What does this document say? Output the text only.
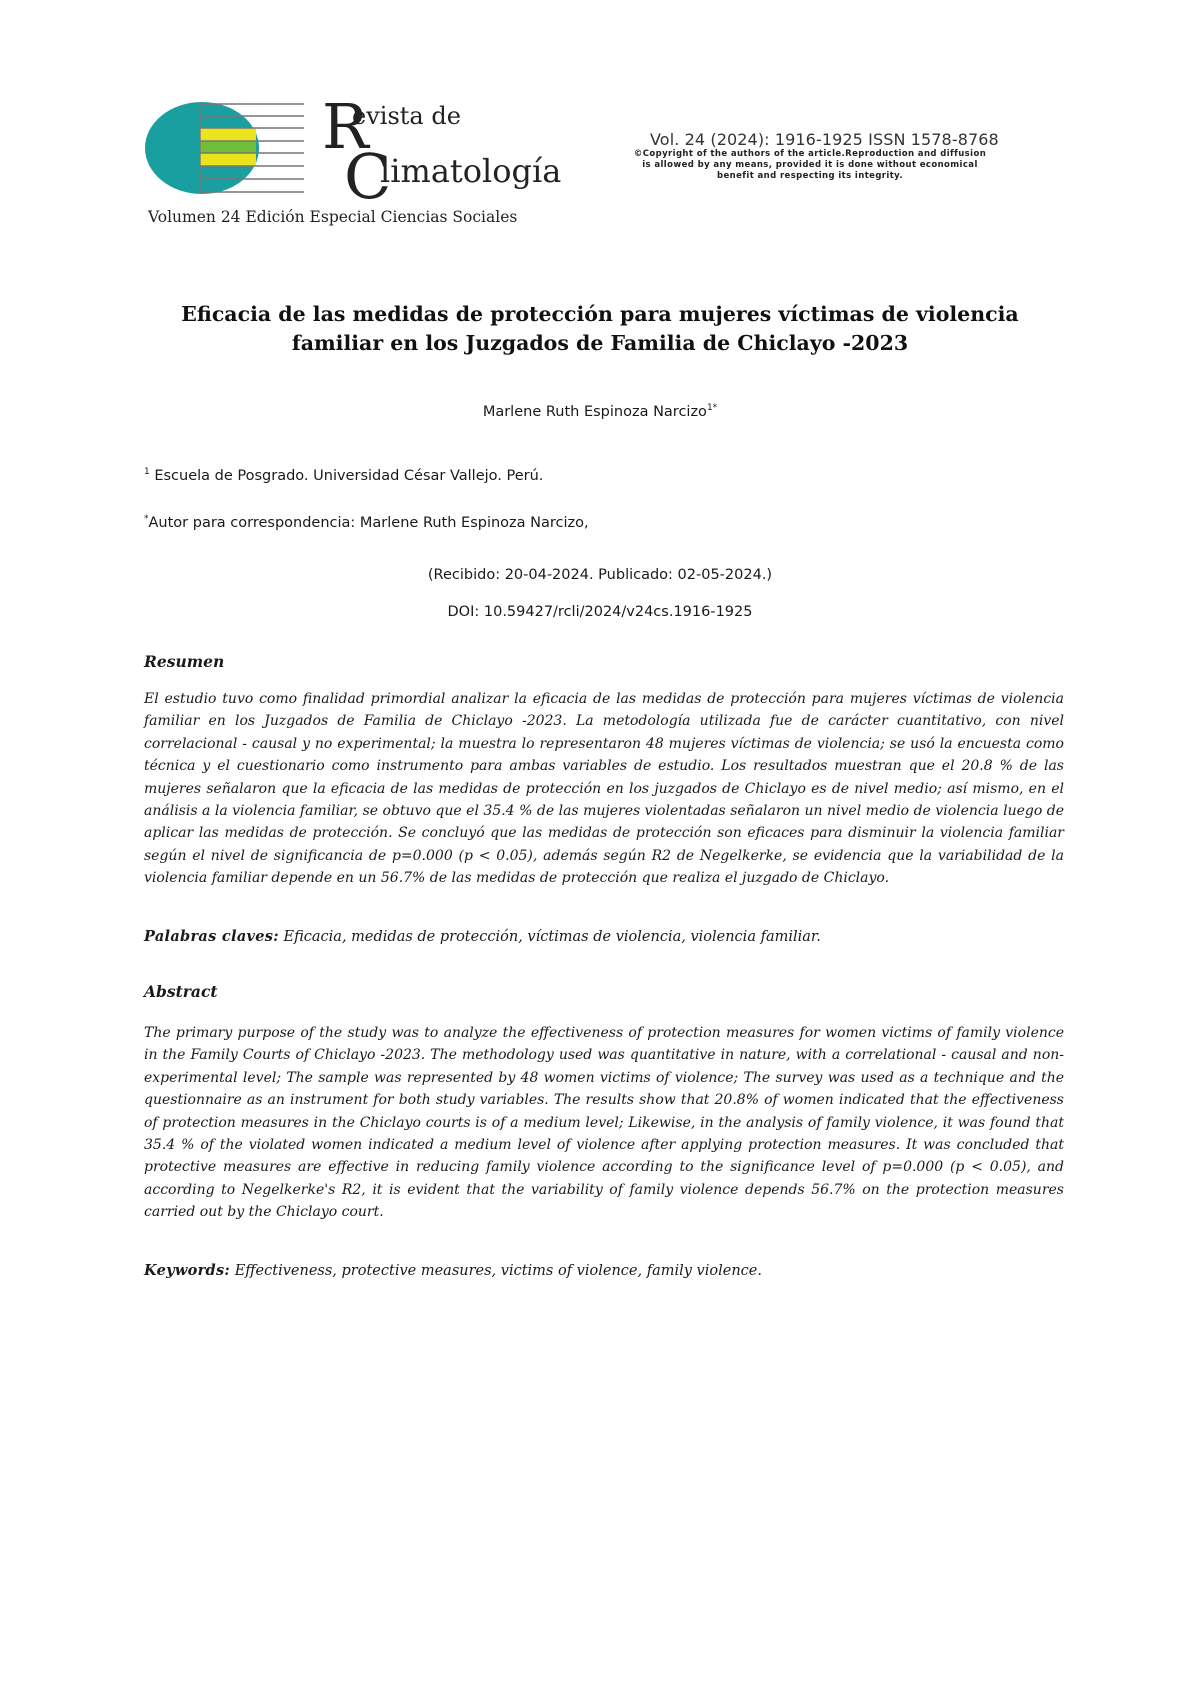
R
evista de
C
limatología
Volumen 24 Edición Especial Ciencias Sociales
Vol. 24 (2024): 1916-1925 ISSN 1578-8768
©Copyright of the authors of the article.Reproduction and diffusion is allowed by any means, provided it is done without economical benefit and respecting its integrity.
Eficacia de las medidas de protección para mujeres víctimas de violencia
familiar en los Juzgados de Familia de Chiclayo -2023
Marlene Ruth Espinoza Narcizo$^{1*}$
$^1$ Escuela de Posgrado. Universidad César Vallejo. Perú.
*Autor para correspondencia: Marlene Ruth Espinoza Narcizo,
(Recibido: 20-04-2024. Publicado: 02-05-2024.)
DOI: 10.59427/rcli/2024/v24cs.1916-1925
Resumen
El estudio tuvo como finalidad primordial analizar la eficacia de las medidas de protección para mujeres víctimas de violencia familiar en los Juzgados de Familia de Chiclayo -2023. La metodología utilizada fue de carácter cuantitativo, con nivel correlacional - causal y no experimental; la muestra lo representaron 48 mujeres víctimas de violencia; se usó la encuesta como técnica y el cuestionario como instrumento para ambas variables de estudio. Los resultados muestran que el 20.8 % de las mujeres señalaron que la eficacia de las medidas de protección en los juzgados de Chiclayo es de nivel medio; así mismo, en el análisis a la violencia familiar, se obtuvo que el 35.4 % de las mujeres violentadas señalaron un nivel medio de violencia luego de aplicar las medidas de protección. Se concluyó que las medidas de protección son eficaces para disminuir la violencia familiar según el nivel de significancia de p=0.000 (p < 0.05), además según R2 de Negelkerke, se evidencia que la variabilidad de la violencia familiar depende en un 56.7% de las medidas de protección que realiza el juzgado de Chiclayo.
Palabras claves: Eficacia, medidas de protección, víctimas de violencia, violencia familiar.
Abstract
The primary purpose of the study was to analyze the effectiveness of protection measures for women victims of family violence in the Family Courts of Chiclayo -2023. The methodology used was quantitative in nature, with a correlational - causal and non-experimental level; The sample was represented by 48 women victims of violence; The survey was used as a technique and the questionnaire as an instrument for both study variables. The results show that 20.8% of women indicated that the effectiveness of protection measures in the Chiclayo courts is of a medium level; Likewise, in the analysis of family violence, it was found that 35.4 % of the violated women indicated a medium level of violence after applying protection measures. It was concluded that protective measures are effective in reducing family violence according to the significance level of p=0.000 (p < 0.05), and according to Negelkerke's R2, it is evident that the variability of family violence depends 56.7% on the protection measures carried out by the Chiclayo court.
Keywords: Effectiveness, protective measures, victims of violence, family violence.
